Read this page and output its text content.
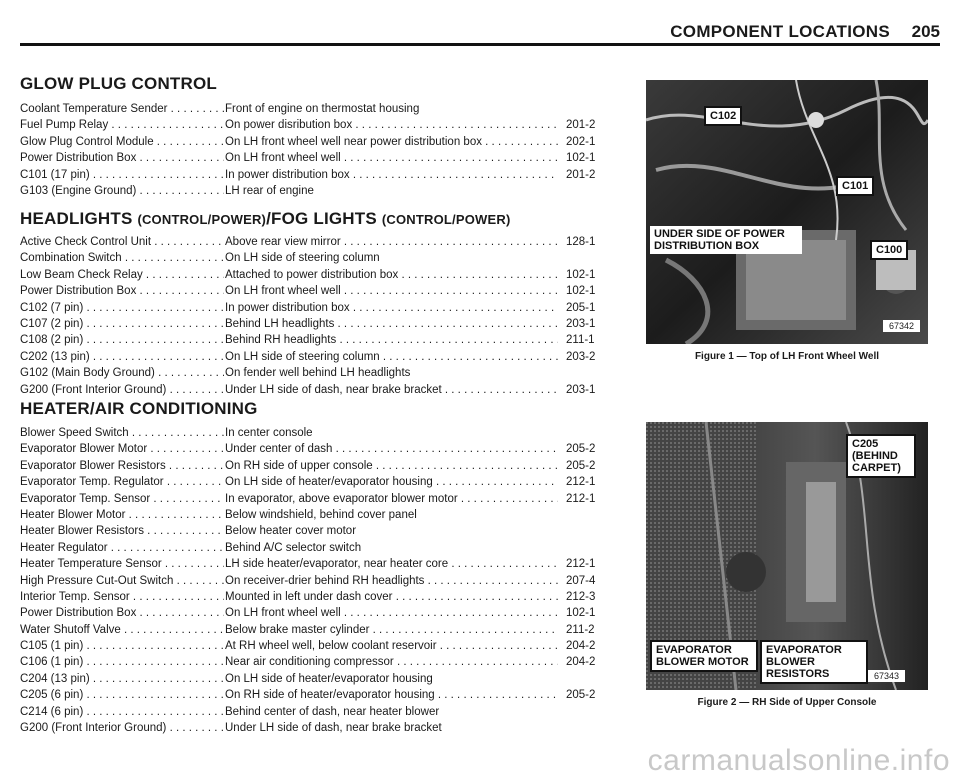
COMPONENT LOCATIONS 205
GLOW PLUG CONTROL
Coolant Temperature Sender . . .	Front of engine on thermostat housing
Fuel Pump Relay . . .	On power disribution box . . .	201-2
Glow Plug Control Module . . .	On LH front wheel well near power distribution box . . .	202-1
Power Distribution Box . . .	On LH front wheel well . . .	102-1
C101 (17 pin) . . .	In power distribution box . . .	201-2
G103 (Engine Ground) . . .	LH rear of engine
HEADLIGHTS (CONTROL/POWER)/FOG LIGHTS (CONTROL/POWER)
Active Check Control Unit . . .	Above rear view mirror . . .	128-1
Combination Switch . . .	On LH side of steering column
Low Beam Check Relay . . .	Attached to power distribution box . . .	102-1
Power Distribution Box . . .	On LH front wheel well . . .	102-1
C102 (7 pin) . . .	In power distribution box . . .	205-1
C107 (2 pin) . . .	Behind LH headlights . . .	203-1
C108 (2 pin) . . .	Behind RH headlights . . .	211-1
C202 (13 pin) . . .	On LH side of steering column . . .	203-2
G102 (Main Body Ground) . . .	On fender well behind LH headlights
G200 (Front Interior Ground) . . .	Under LH side of dash, near brake bracket . . .	203-1
HEATER/AIR CONDITIONING
Blower Speed Switch . . .	In center console
Evaporator Blower Motor . . .	Under center of dash . . .	205-2
Evaporator Blower Resistors . . .	On RH side of upper console . . .	205-2
Evaporator Temp. Regulator . . .	On LH side of heater/evaporator housing . . .	212-1
Evaporator Temp. Sensor . . .	In evaporator, above evaporator blower motor . . .	212-1
Heater Blower Motor . . .	Below windshield, behind cover panel
Heater Blower Resistors . . .	Below heater cover motor
Heater Regulator . . .	Behind A/C selector switch
Heater Temperature Sensor . . .	LH side heater/evaporator, near heater core . . .	212-1
High Pressure Cut-Out Switch . . .	On receiver-drier behind RH headlights . . .	207-4
Interior Temp. Sensor . . .	Mounted in left under dash cover . . .	212-3
Power Distribution Box . . .	On LH front wheel well . . .	102-1
Water Shutoff Valve . . .	Below brake master cylinder . . .	211-2
C105 (1 pin) . . .	At RH wheel well, below coolant reservoir . . .	204-2
C106 (1 pin) . . .	Near air conditioning compressor . . .	204-2
C204 (13 pin) . . .	On LH side of heater/evaporator housing
C205 (6 pin) . . .	On RH side of heater/evaporator housing . . .	205-2
C214 (6 pin) . . .	Behind center of dash, near heater blower
G200 (Front Interior Ground) . . .	Under LH side of dash, near brake bracket
C102
C101
C100
UNDER SIDE OF POWER DISTRIBUTION BOX
67342
Figure 1 — Top of LH Front Wheel Well
C205 (BEHIND CARPET)
EVAPORATOR BLOWER MOTOR
EVAPORATOR BLOWER RESISTORS	67343
Figure 2 — RH Side of Upper Console
carmanualsonline.info
